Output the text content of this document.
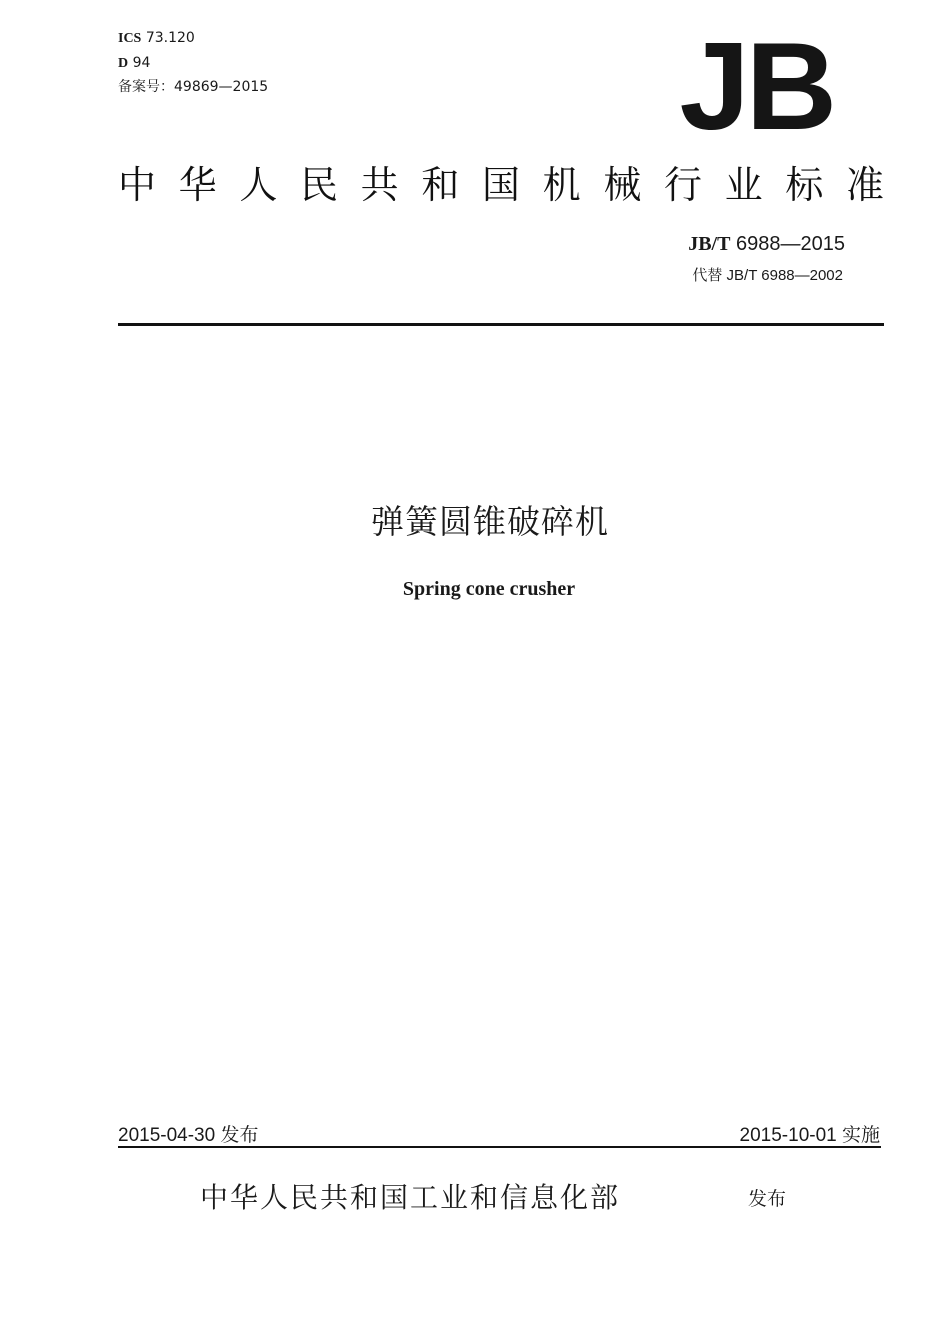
ICS 73.120
D 94
备案号：49869—2015	JB
中华人民共和国机械行业标准
JB/T 6988—2015
代替 JB/T 6988—2002
弹簧圆锥破碎机
Spring cone crusher
2015-04-30 发布	2015-10-01 实施
中华人民共和国工业和信息化部	发布
